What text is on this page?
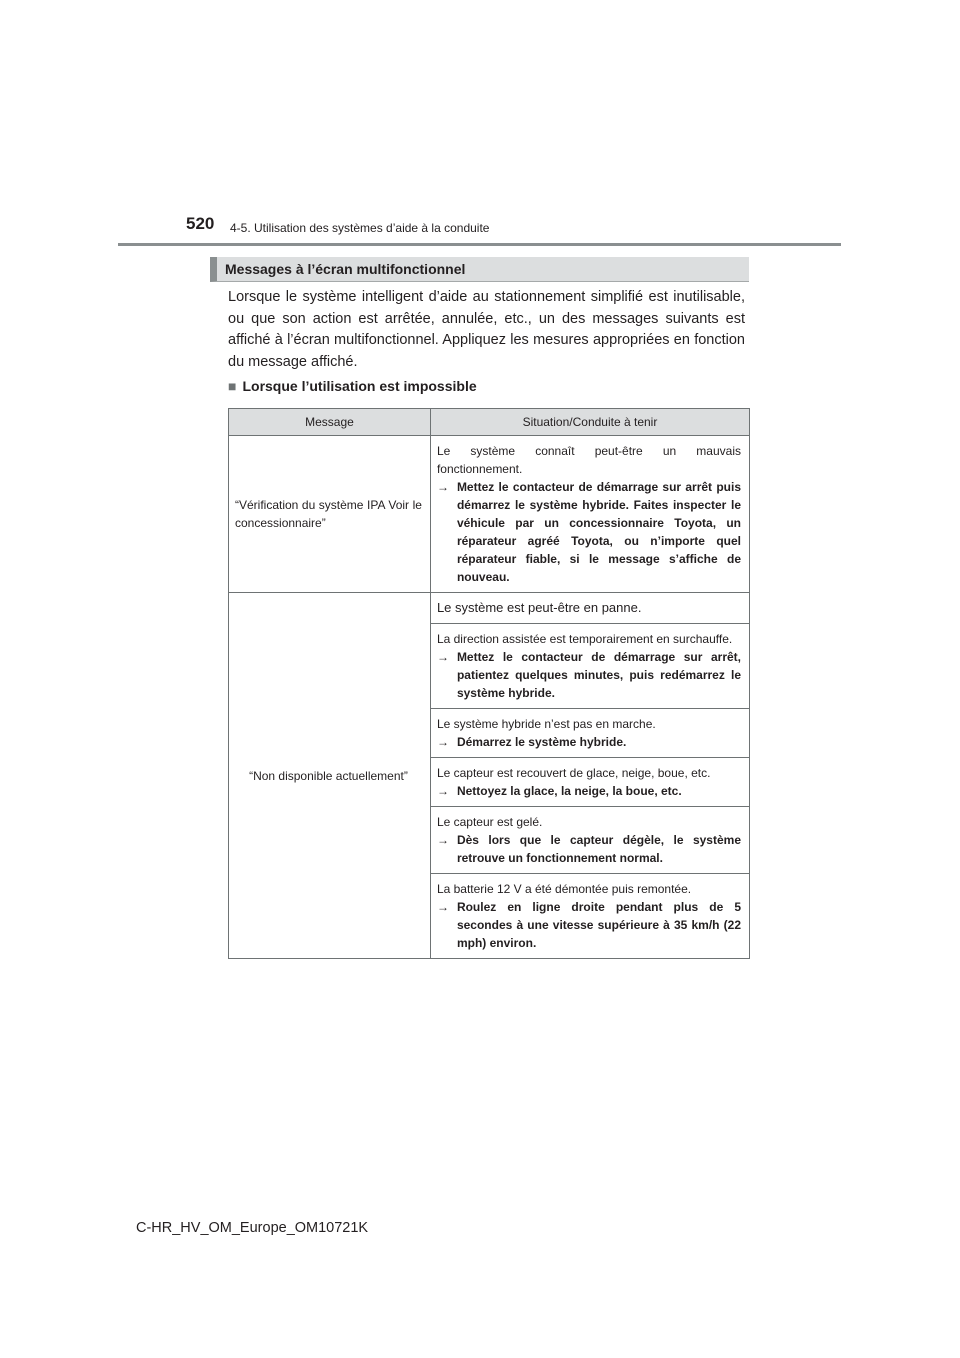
520 4-5. Utilisation des systèmes d’aide à la conduite
Messages à l’écran multifonctionnel

Lorsque le système intelligent d’aide au stationnement simplifié est inutilisable, ou que son action est arrêtée, annulée, etc., un des messages suivants est affiché à l’écran multifonctionnel. Appliquez les mesures appropriées en fonction du message affiché.

■ Lorsque l’utilisation est impossible
Message	Situation/Conduite à tenir
“Vérification du système IPA Voir le concessionnaire”	Le système connaît peut-être un mauvais fonctionnement.
→ Mettez le contacteur de démarrage sur arrêt puis démarrez le système hybride. Faites inspecter le véhicule par un concessionnaire Toyota, un réparateur agréé Toyota, ou n’importe quel réparateur fiable, si le message s’affiche de nouveau.

“Non disponible actuellement”	Le système est peut-être en panne.

	La direction assistée est temporairement en surchauffe.
→ Mettez le contacteur de démarrage sur arrêt, patientez quelques minutes, puis redémarrez le système hybride.

	Le système hybride n’est pas en marche.
→ Démarrez le système hybride.

	Le capteur est recouvert de glace, neige, boue, etc.
→ Nettoyez la glace, la neige, la boue, etc.

	Le capteur est gelé.
→ Dès lors que le capteur dégèle, le système retrouve un fonctionnement normal.

	La batterie 12 V a été démontée puis remontée.
→ Roulez en ligne droite pendant plus de 5 secondes à une vitesse supérieure à 35 km/h (22 mph) environ.
C-HR_HV_OM_Europe_OM10721K
